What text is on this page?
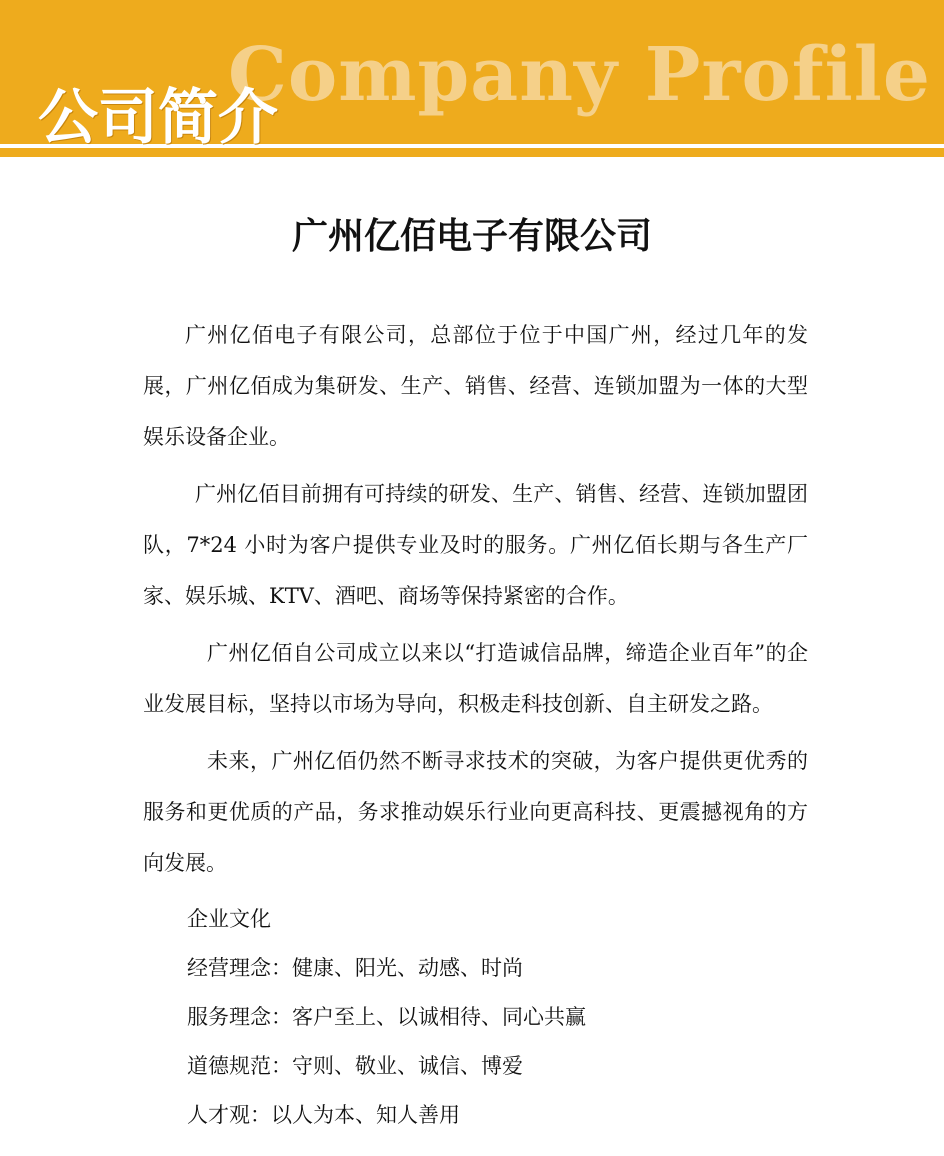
Company Profile
公司简介
广州亿佰电子有限公司

广州亿佰电子有限公司，总部位于位于中国广州，经过几年的发展，广州亿佰成为集研发、生产、销售、经营、连锁加盟为一体的大型娱乐设备企业。

广州亿佰目前拥有可持续的研发、生产、销售、经营、连锁加盟团队，7*24 小时为客户提供专业及时的服务。广州亿佰长期与各生产厂家、娱乐城、KTV、酒吧、商场等保持紧密的合作。

广州亿佰自公司成立以来以“打造诚信品牌，缔造企业百年”的企业发展目标，坚持以市场为导向，积极走科技创新、自主研发之路。

未来，广州亿佰仍然不断寻求技术的突破，为客户提供更优秀的服务和更优质的产品，务求推动娱乐行业向更高科技、更震撼视角的方向发展。

企业文化
经营理念：健康、阳光、动感、时尚
服务理念：客户至上、以诚相待、同心共赢
道德规范：守则、敬业、诚信、博爱
人才观：以人为本、知人善用
